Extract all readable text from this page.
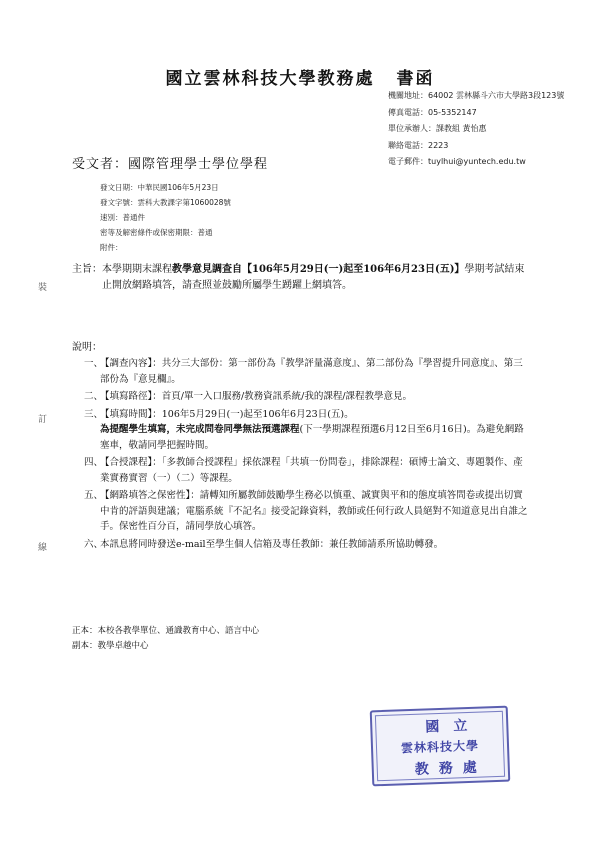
國立雲林科技大學教務處 書函
機關地址：64002 雲林縣斗六市大學路3段123號
傳真電話：05-5352147
單位承辦人：課教組 黃怡惠
聯絡電話：2223
電子郵件：tuylhui@yuntech.edu.tw
受文者：國際管理學士學位學程
發文日期：中華民國106年5月23日
發文字號：雲科大教課字第1060028號
速別：普通件
密等及解密條件或保密期限：普通
附件：
裝
訂
線
主旨： 本學期期末課程教學意見調查自【106年5月29日(一)起至106年6月23日(五)】學期考試結束止開放網路填答，請查照並鼓勵所屬學生踴躍上網填答。
說明：
一、
【調查內容】：共分三大部份：第一部份為『教學評量滿意度』、第二部份為『學習提升同意度』、第三部份為『意見欄』。
二、
【填寫路徑】：首頁/單一入口服務/教務資訊系統/我的課程/課程教學意見。
三、
【填寫時間】：106年5月29日(一)起至106年6月23日(五)。
為提醒學生填寫，未完成問卷同學無法預選課程(下一學期課程預選6月12日至6月16日)。為避免網路塞車，敬請同學把握時間。
四、
【合授課程】：「多教師合授課程」採依課程「共填一份問卷」，排除課程：碩博士論文、專題製作、產業實務實習（一）（二）等課程。
五、
【網路填答之保密性】：請轉知所屬教師鼓勵學生務必以慎重、誠實與平和的態度填答問卷或提出切實中肯的評語與建議；電腦系統『不記名』接受記錄資料，教師或任何行政人員絕對不知道意見出自誰之手。保密性百分百，請同學放心填答。
六、
本訊息將同時發送e-mail至學生個人信箱及專任教師：兼任教師請系所協助轉發。
正本：本校各教學單位、通識教育中心、語言中心
副本：教學卓越中心
國立
雲林科技大學
教務處
